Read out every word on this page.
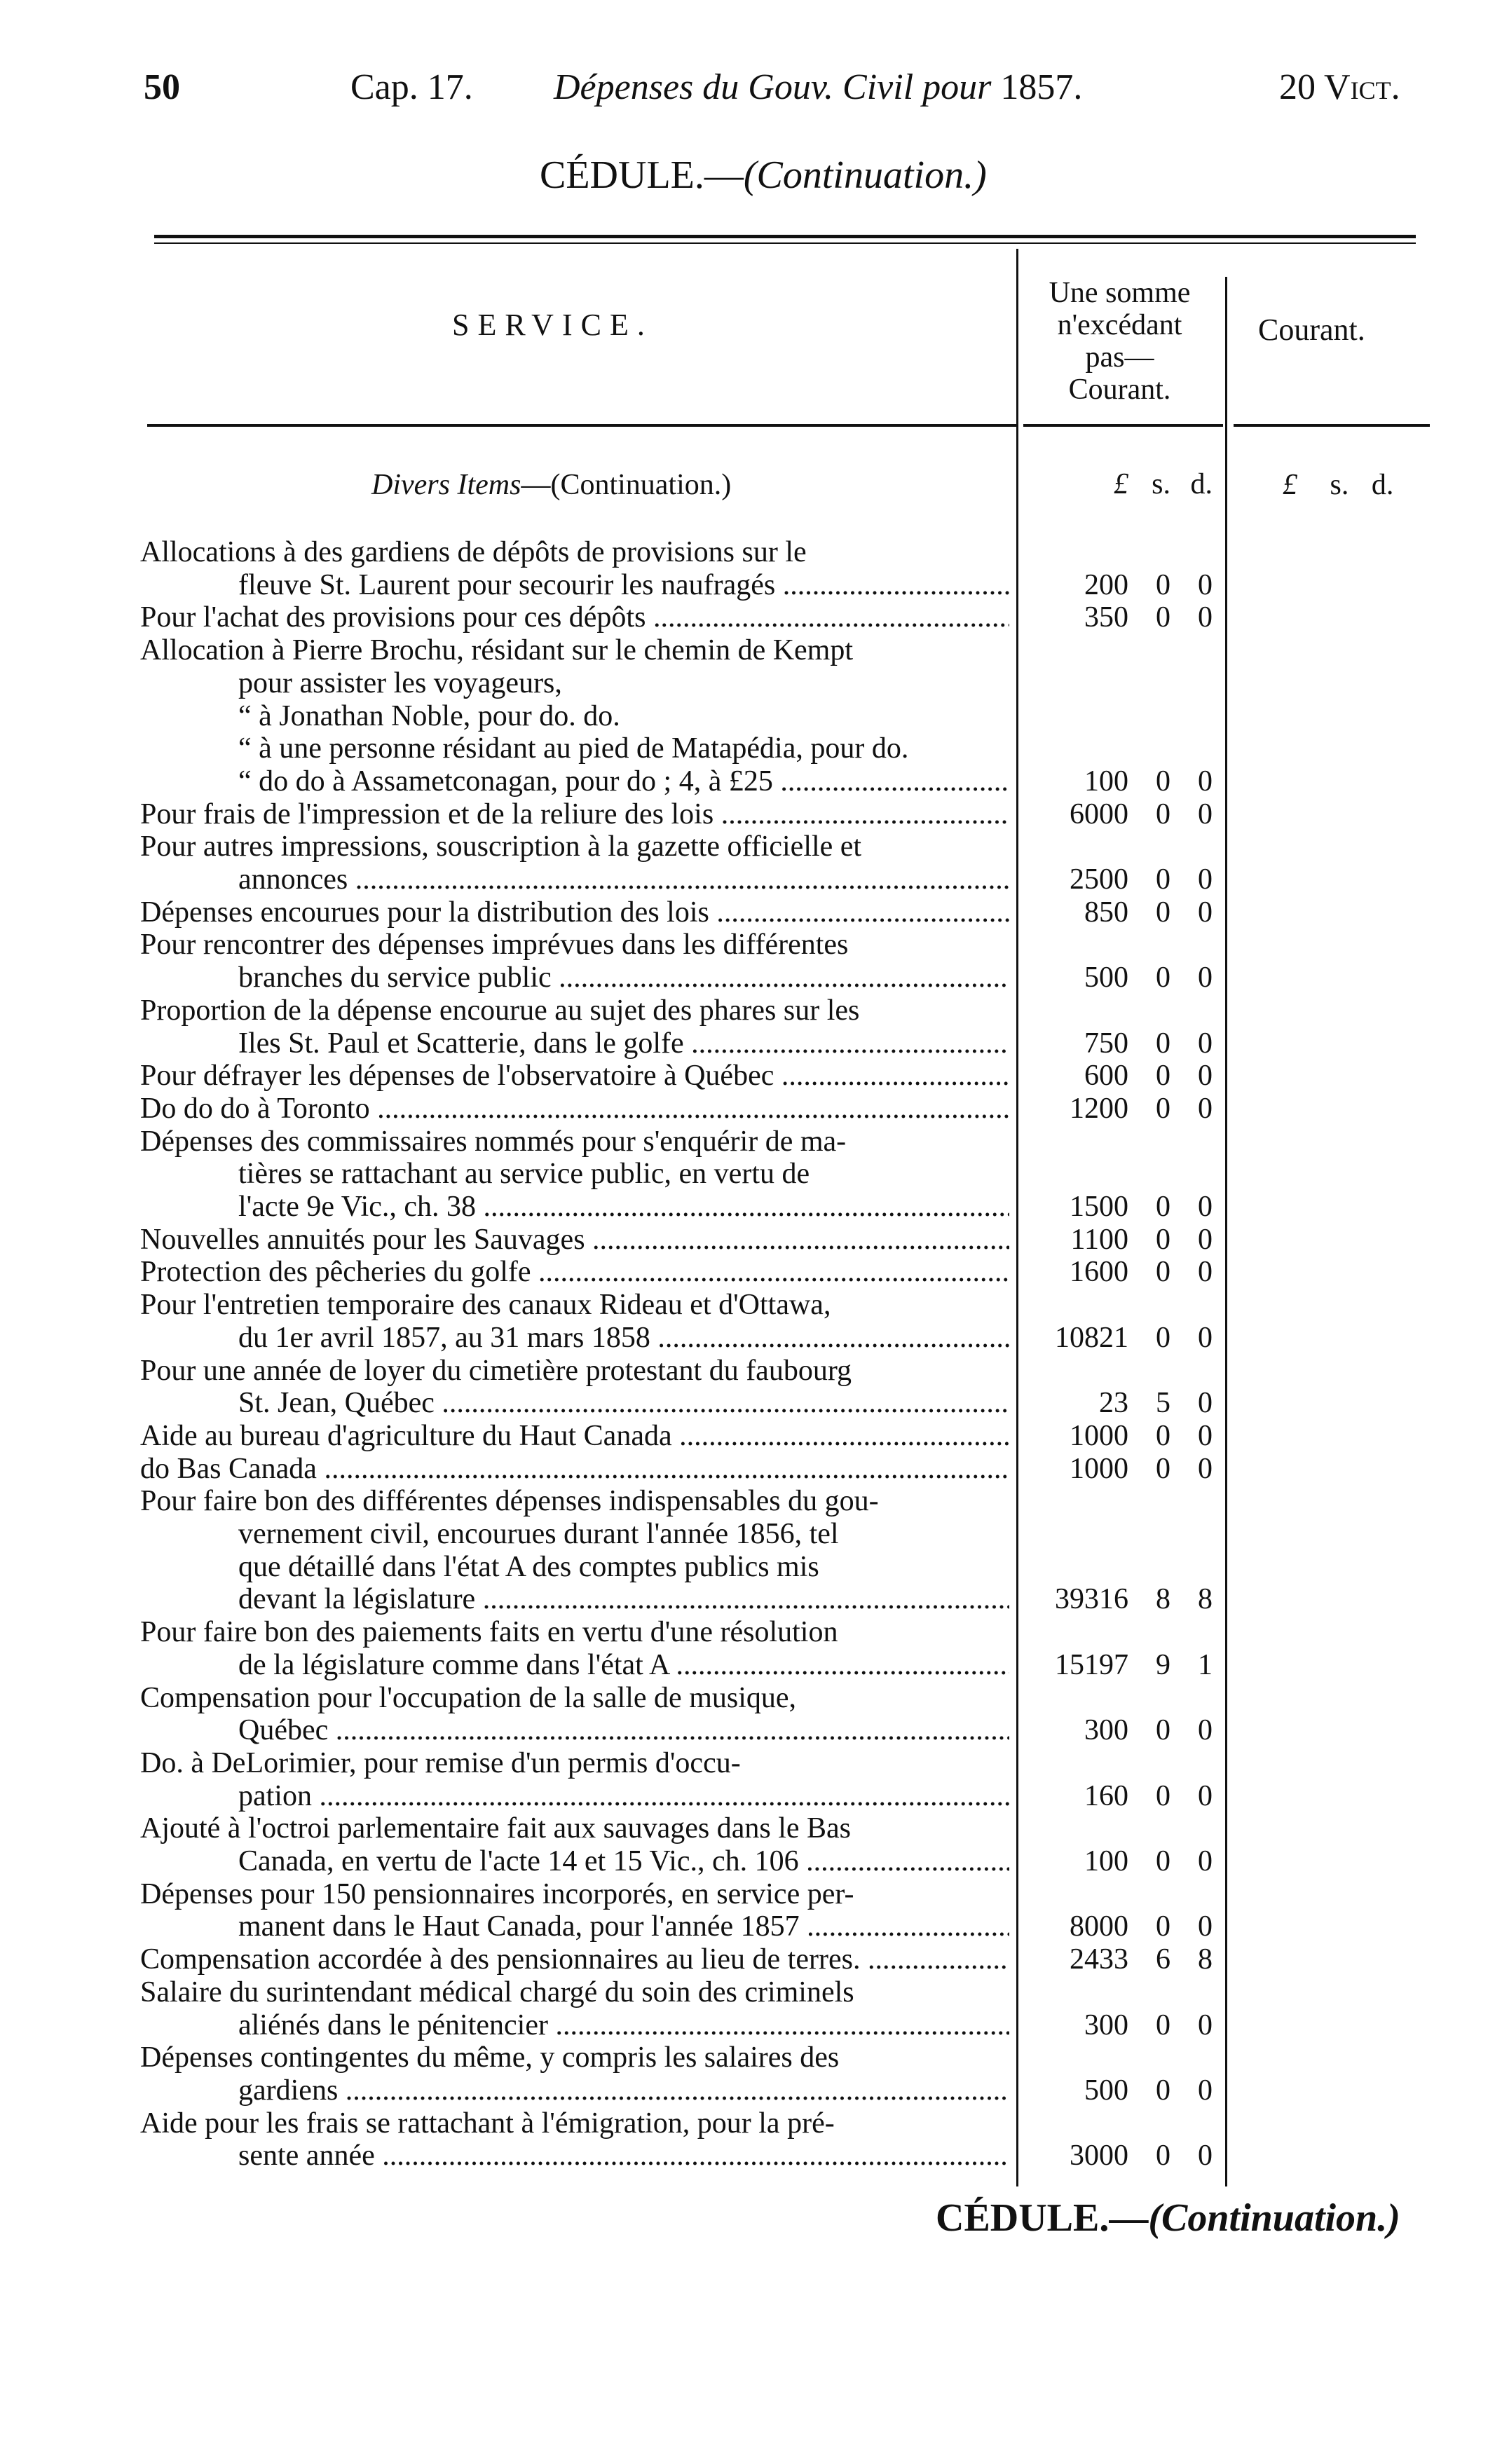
50	Cap. 17. Dépenses du Gouv. Civil pour 1857.	20 Vict.
CÉDULE.—(Continuation.)
SERVICE.
Une somme
n'excédant
pas—
Courant.
Courant.
Divers Items—(Continuation.)	£ s. d. £ s. d.
Allocations à des gardiens de dépôts de provisions sur le
fleuve St. Laurent pour secourir les naufragés .....	200 0 0
Pour l'achat des provisions pour ces dépôts .....	350 0 0
Allocation à Pierre Brochu, résidant sur le chemin de Kempt
pour assister les voyageurs,
“ à Jonathan Noble, pour do. do.
“ à une personne résidant au pied de Matapédia, pour do.
“ do do à Assametconagan, pour do ; 4, à £25 .....	100 0 0
Pour frais de l'impression et de la reliure des lois .....	6000 0 0
Pour autres impressions, souscription à la gazette officielle et
annonces .....	2500 0 0
Dépenses encourues pour la distribution des lois .....	850 0 0
Pour rencontrer des dépenses imprévues dans les différentes
branches du service public .....	500 0 0
Proportion de la dépense encourue au sujet des phares sur les
Iles St. Paul et Scatterie, dans le golfe .....	750 0 0
Pour défrayer les dépenses de l'observatoire à Québec .....	600 0 0
Do do do à Toronto .....	1200 0 0
Dépenses des commissaires nommés pour s'enquérir de ma-
tières se rattachant au service public, en vertu de
l'acte 9e Vic., ch. 38 .....	1500 0 0
Nouvelles annuités pour les Sauvages .....	1100 0 0
Protection des pêcheries du golfe .....	1600 0 0
Pour l'entretien temporaire des canaux Rideau et d'Ottawa,
du 1er avril 1857, au 31 mars 1858 .....	10821 0 0
Pour une année de loyer du cimetière protestant du faubourg
St. Jean, Québec .....	23 5 0
Aide au bureau d'agriculture du Haut Canada .....	1000 0 0
do Bas Canada .....	1000 0 0
Pour faire bon des différentes dépenses indispensables du gou-
vernement civil, encourues durant l'année 1856, tel
que détaillé dans l'état A des comptes publics mis
devant la législature .....	39316 8 8
Pour faire bon des paiements faits en vertu d'une résolution
de la législature comme dans l'état A .....	15197 9 1
Compensation pour l'occupation de la salle de musique,
Québec .....	300 0 0
Do. à DeLorimier, pour remise d'un permis d'occu-
pation .....	160 0 0
Ajouté à l'octroi parlementaire fait aux sauvages dans le Bas
Canada, en vertu de l'acte 14 et 15 Vic., ch. 106 .....	100 0 0
Dépenses pour 150 pensionnaires incorporés, en service per-
manent dans le Haut Canada, pour l'année 1857 .....	8000 0 0
Compensation accordée à des pensionnaires au lieu de terres. .....	2433 6 8
Salaire du surintendant médical chargé du soin des criminels
aliénés dans le pénitencier .....	300 0 0
Dépenses contingentes du même, y compris les salaires des
gardiens .....	500 0 0
Aide pour les frais se rattachant à l'émigration, pour la pré-
sente année .....	3000 0 0
CÉDULE.—(Continuation.)
